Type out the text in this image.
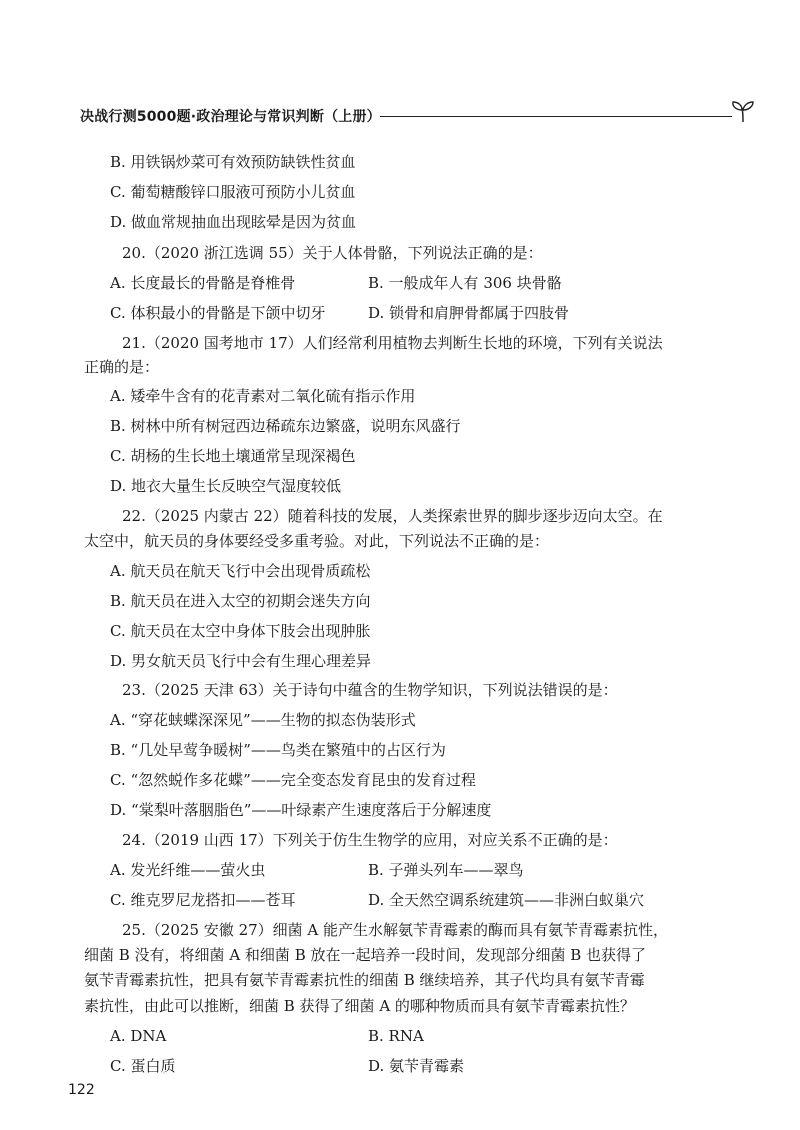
决战行测5000题·政治理论与常识判断（上册）
B. 用铁锅炒菜可有效预防缺铁性贫血
C. 葡萄糖酸锌口服液可预防小儿贫血
D. 做血常规抽血出现眩晕是因为贫血
20.（2020 浙江选调 55）关于人体骨骼，下列说法正确的是：
A. 长度最长的骨骼是脊椎骨	B. 一般成年人有 306 块骨骼
C. 体积最小的骨骼是下颌中切牙	D. 锁骨和肩胛骨都属于四肢骨
21.（2020 国考地市 17）人们经常利用植物去判断生长地的环境，下列有关说法
正确的是：
A. 矮牵牛含有的花青素对二氧化硫有指示作用
B. 树林中所有树冠西边稀疏东边繁盛，说明东风盛行
C. 胡杨的生长地土壤通常呈现深褐色
D. 地衣大量生长反映空气湿度较低
22.（2025 内蒙古 22）随着科技的发展，人类探索世界的脚步逐步迈向太空。在
太空中，航天员的身体要经受多重考验。对此，下列说法不正确的是：
A. 航天员在航天飞行中会出现骨质疏松
B. 航天员在进入太空的初期会迷失方向
C. 航天员在太空中身体下肢会出现肿胀
D. 男女航天员飞行中会有生理心理差异
23.（2025 天津 63）关于诗句中蕴含的生物学知识，下列说法错误的是：
A. “穿花蛱蝶深深见”——生物的拟态伪装形式
B. “几处早莺争暖树”——鸟类在繁殖中的占区行为
C. “忽然蜕作多花蝶”——完全变态发育昆虫的发育过程
D. “棠梨叶落胭脂色”——叶绿素产生速度落后于分解速度
24.（2019 山西 17）下列关于仿生生物学的应用，对应关系不正确的是：
A. 发光纤维——萤火虫	B. 子弹头列车——翠鸟
C. 维克罗尼龙搭扣——苍耳	D. 全天然空调系统建筑——非洲白蚁巢穴
25.（2025 安徽 27）细菌 A 能产生水解氨苄青霉素的酶而具有氨苄青霉素抗性，
细菌 B 没有，将细菌 A 和细菌 B 放在一起培养一段时间，发现部分细菌 B 也获得了
氨苄青霉素抗性，把具有氨苄青霉素抗性的细菌 B 继续培养，其子代均具有氨苄青霉
素抗性，由此可以推断，细菌 B 获得了细菌 A 的哪种物质而具有氨苄青霉素抗性？
A. DNA	B. RNA
C. 蛋白质	D. 氨苄青霉素
122
